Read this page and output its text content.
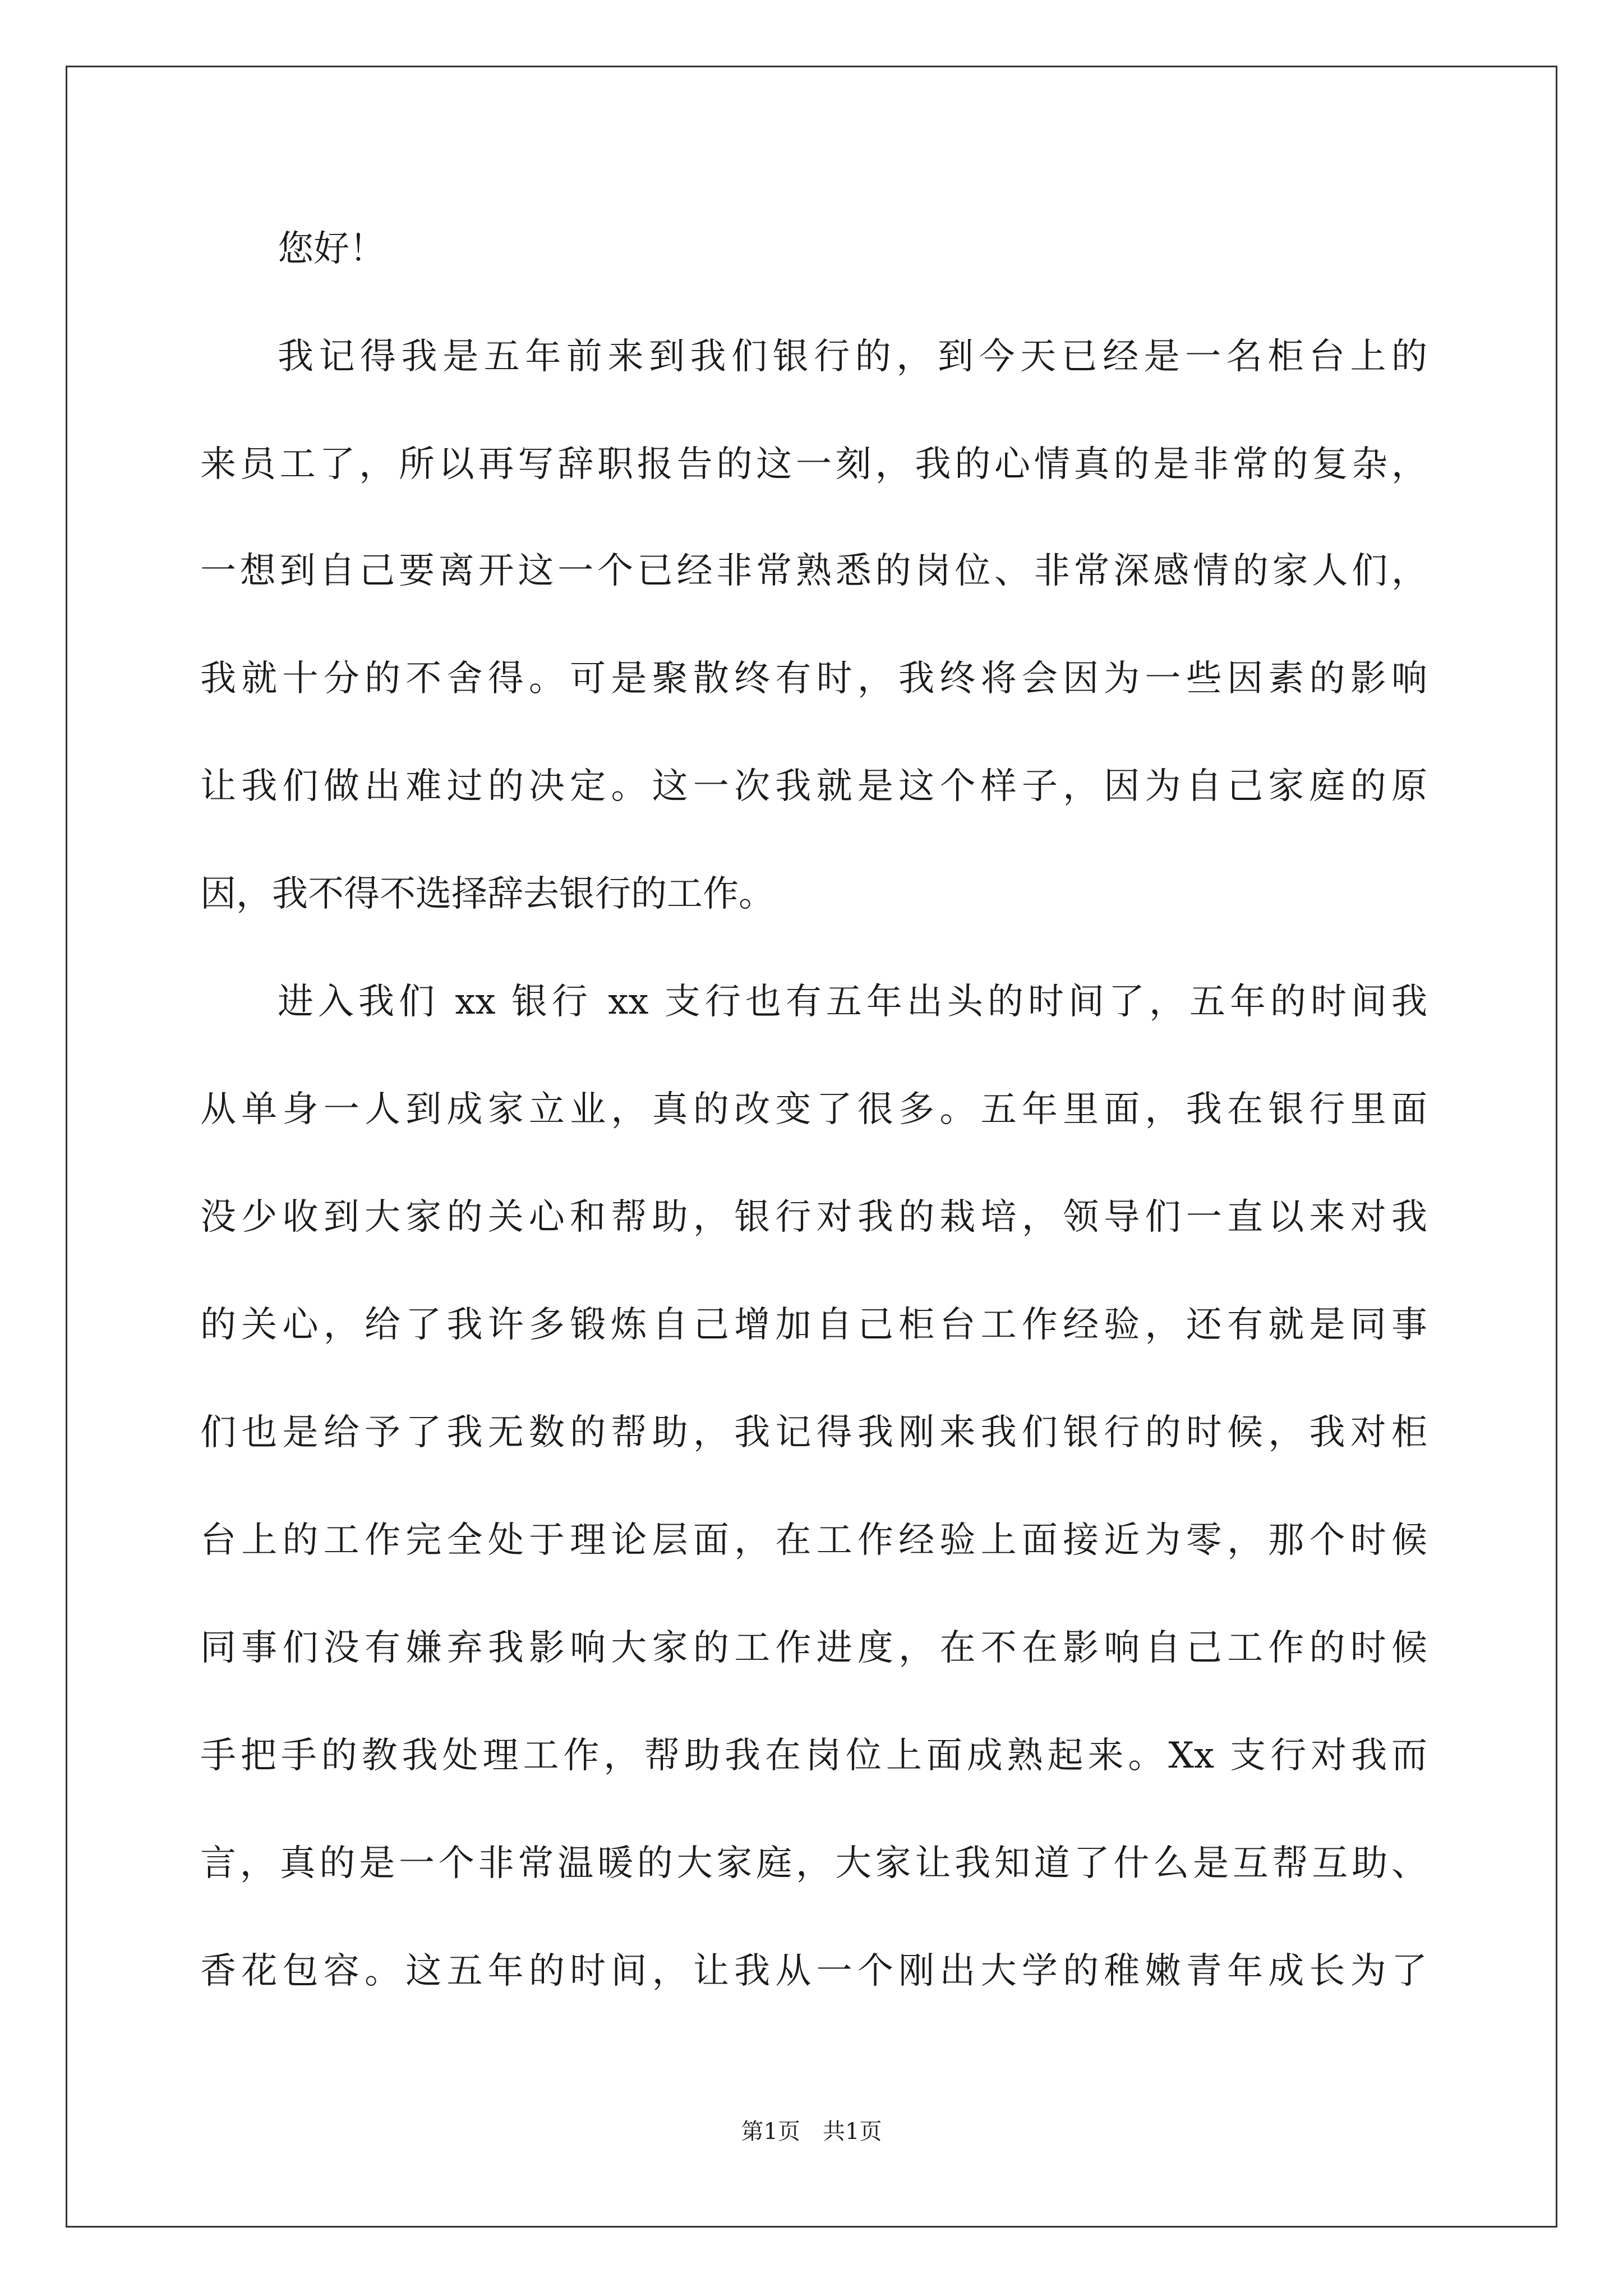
您好！

我记得我是五年前来到我们银行的，到今天已经是一名柜台上的

来员工了，所以再写辞职报告的这一刻，我的心情真的是非常的复杂，

一想到自己要离开这一个已经非常熟悉的岗位、非常深感情的家人们，

我就十分的不舍得。可是聚散终有时，我终将会因为一些因素的影响

让我们做出难过的决定。这一次我就是这个样子，因为自己家庭的原

因，我不得不选择辞去银行的工作。

进入我们 xx 银行 xx 支行也有五年出头的时间了，五年的时间我

从单身一人到成家立业，真的改变了很多。五年里面，我在银行里面

没少收到大家的关心和帮助，银行对我的栽培，领导们一直以来对我

的关心，给了我许多锻炼自己增加自己柜台工作经验，还有就是同事

们也是给予了我无数的帮助，我记得我刚来我们银行的时候，我对柜

台上的工作完全处于理论层面，在工作经验上面接近为零，那个时候

同事们没有嫌弃我影响大家的工作进度，在不在影响自己工作的时候

手把手的教我处理工作，帮助我在岗位上面成熟起来。Xx 支行对我而

言，真的是一个非常温暖的大家庭，大家让我知道了什么是互帮互助、

香花包容。这五年的时间，让我从一个刚出大学的稚嫩青年成长为了

第1页　共1页
